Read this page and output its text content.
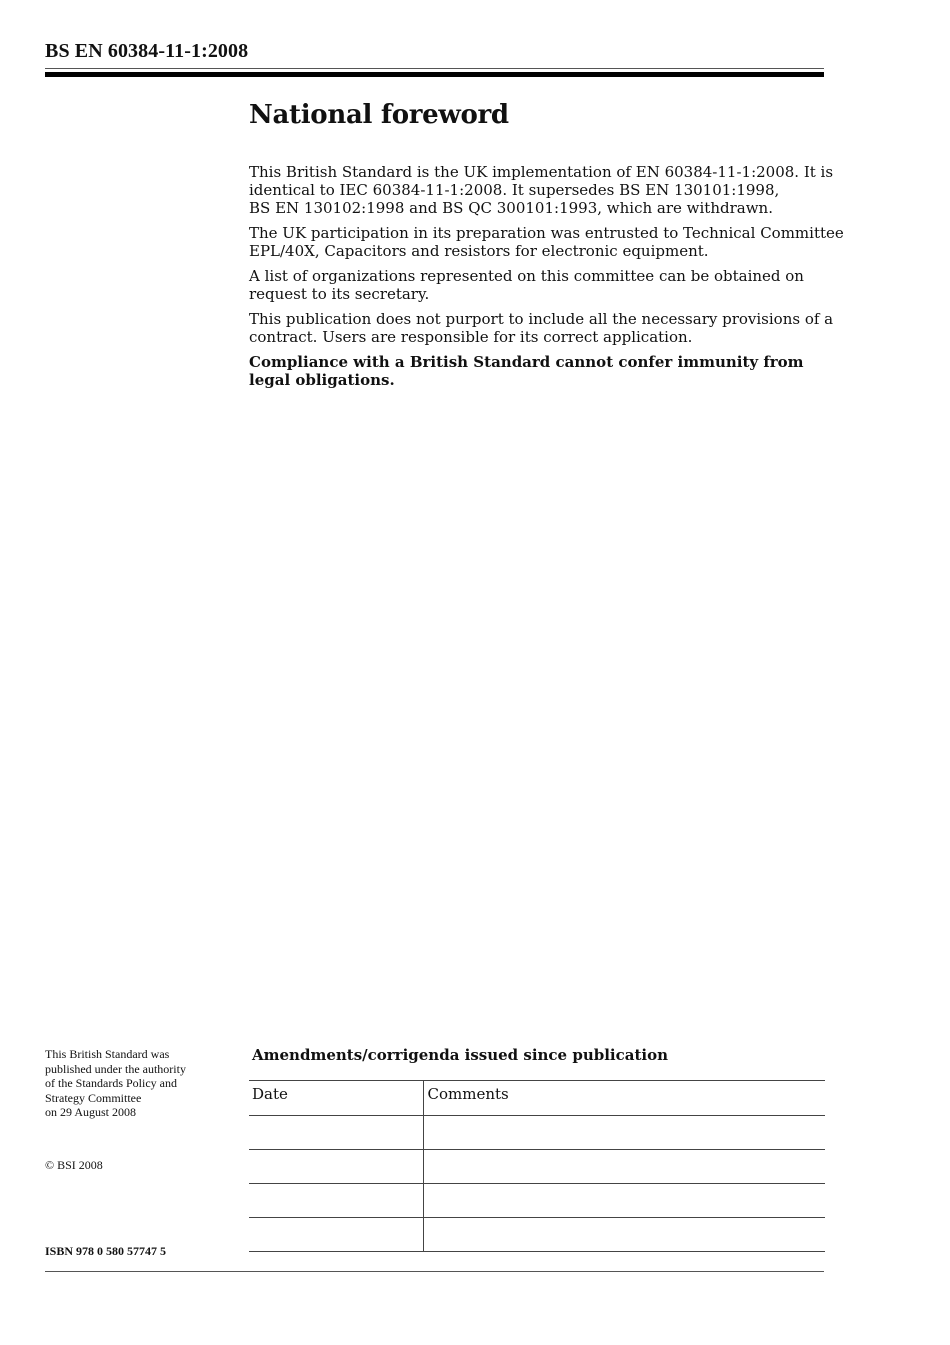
BS EN 60384-11-1:2008
National foreword

This British Standard is the UK implementation of EN 60384-11-1:2008. It is
identical to IEC 60384-11-1:2008. It supersedes BS EN 130101:1998,
BS EN 130102:1998 and BS QC 300101:1993, which are withdrawn.

The UK participation in its preparation was entrusted to Technical Committee
EPL/40X, Capacitors and resistors for electronic equipment.

A list of organizations represented on this committee can be obtained on
request to its secretary.

This publication does not purport to include all the necessary provisions of a
contract. Users are responsible for its correct application.

Compliance with a British Standard cannot confer immunity from
legal obligations.

This British Standard was
published under the authority
of the Standards Policy and
Strategy Committee
on 29 August 2008
© BSI 2008
ISBN 978 0 580 57747 5
Amendments/corrigenda issued since publication
Date	Comments
